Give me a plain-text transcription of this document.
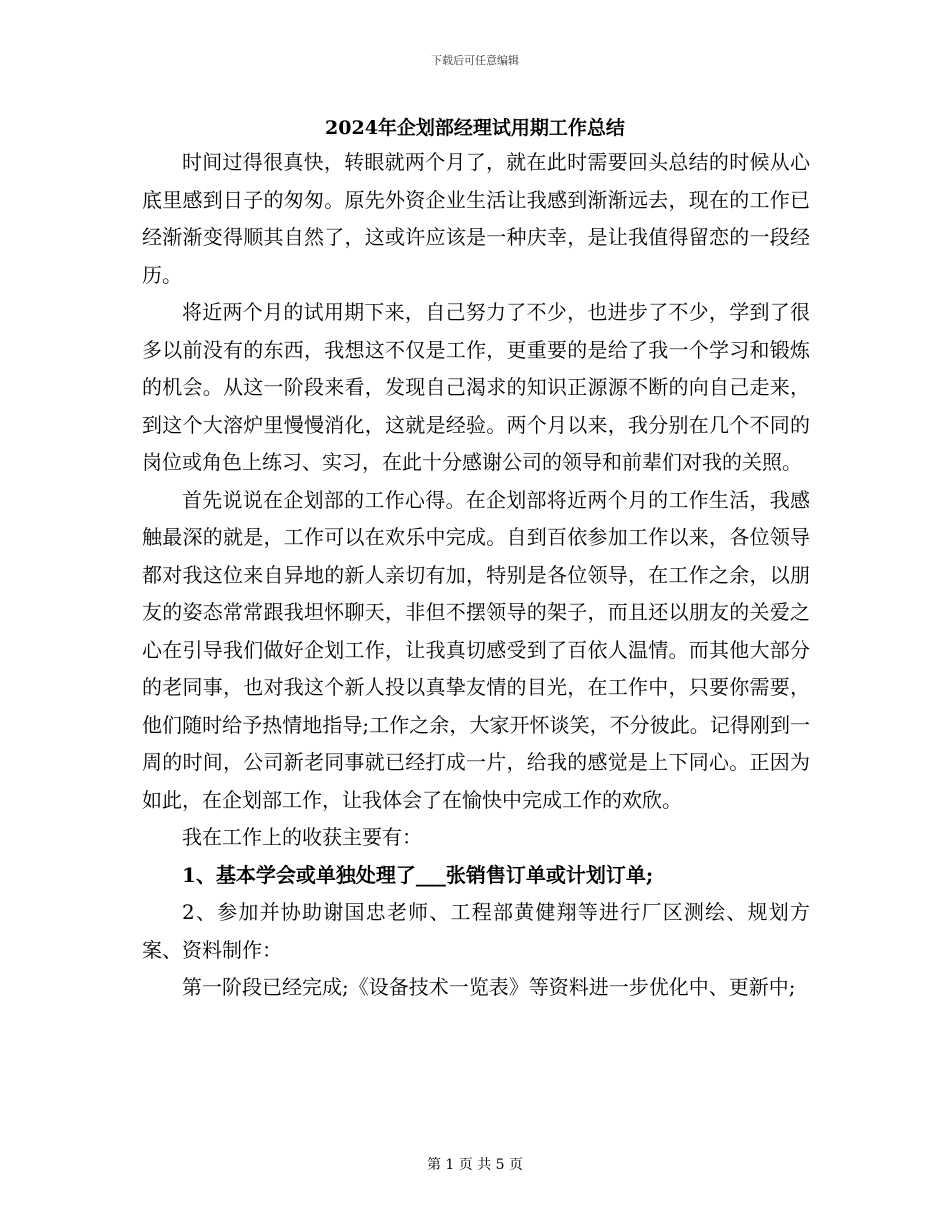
下载后可任意编辑
2024年企划部经理试用期工作总结

时间过得很真快，转眼就两个月了，就在此时需要回头总结的时候从心底里感到日子的匆匆。原先外资企业生活让我感到渐渐远去，现在的工作已经渐渐变得顺其自然了，这或许应该是一种庆幸，是让我值得留恋的一段经历。

将近两个月的试用期下来，自己努力了不少，也进步了不少，学到了很多以前没有的东西，我想这不仅是工作，更重要的是给了我一个学习和锻炼的机会。从这一阶段来看，发现自己渴求的知识正源源不断的向自己走来，到这个大溶炉里慢慢消化，这就是经验。两个月以来，我分别在几个不同的岗位或角色上练习、实习，在此十分感谢公司的领导和前辈们对我的关照。

首先说说在企划部的工作心得。在企划部将近两个月的工作生活，我感触最深的就是，工作可以在欢乐中完成。自到百依参加工作以来，各位领导都对我这位来自异地的新人亲切有加，特别是各位领导，在工作之余，以朋友的姿态常常跟我坦怀聊天，非但不摆领导的架子，而且还以朋友的关爱之心在引导我们做好企划工作，让我真切感受到了百依人温情。而其他大部分的老同事，也对我这个新人投以真挚友情的目光，在工作中，只要你需要，他们随时给予热情地指导;工作之余，大家开怀谈笑，不分彼此。记得刚到一周的时间，公司新老同事就已经打成一片，给我的感觉是上下同心。正因为如此，在企划部工作，让我体会了在愉快中完成工作的欢欣。

我在工作上的收获主要有：

1、基本学会或单独处理了___张销售订单或计划订单;

2、参加并协助谢国忠老师、工程部黄健翔等进行厂区测绘、规划方案、资料制作：

第一阶段已经完成;《设备技术一览表》等资料进一步优化中、更新中;

第 1 页 共 5 页
